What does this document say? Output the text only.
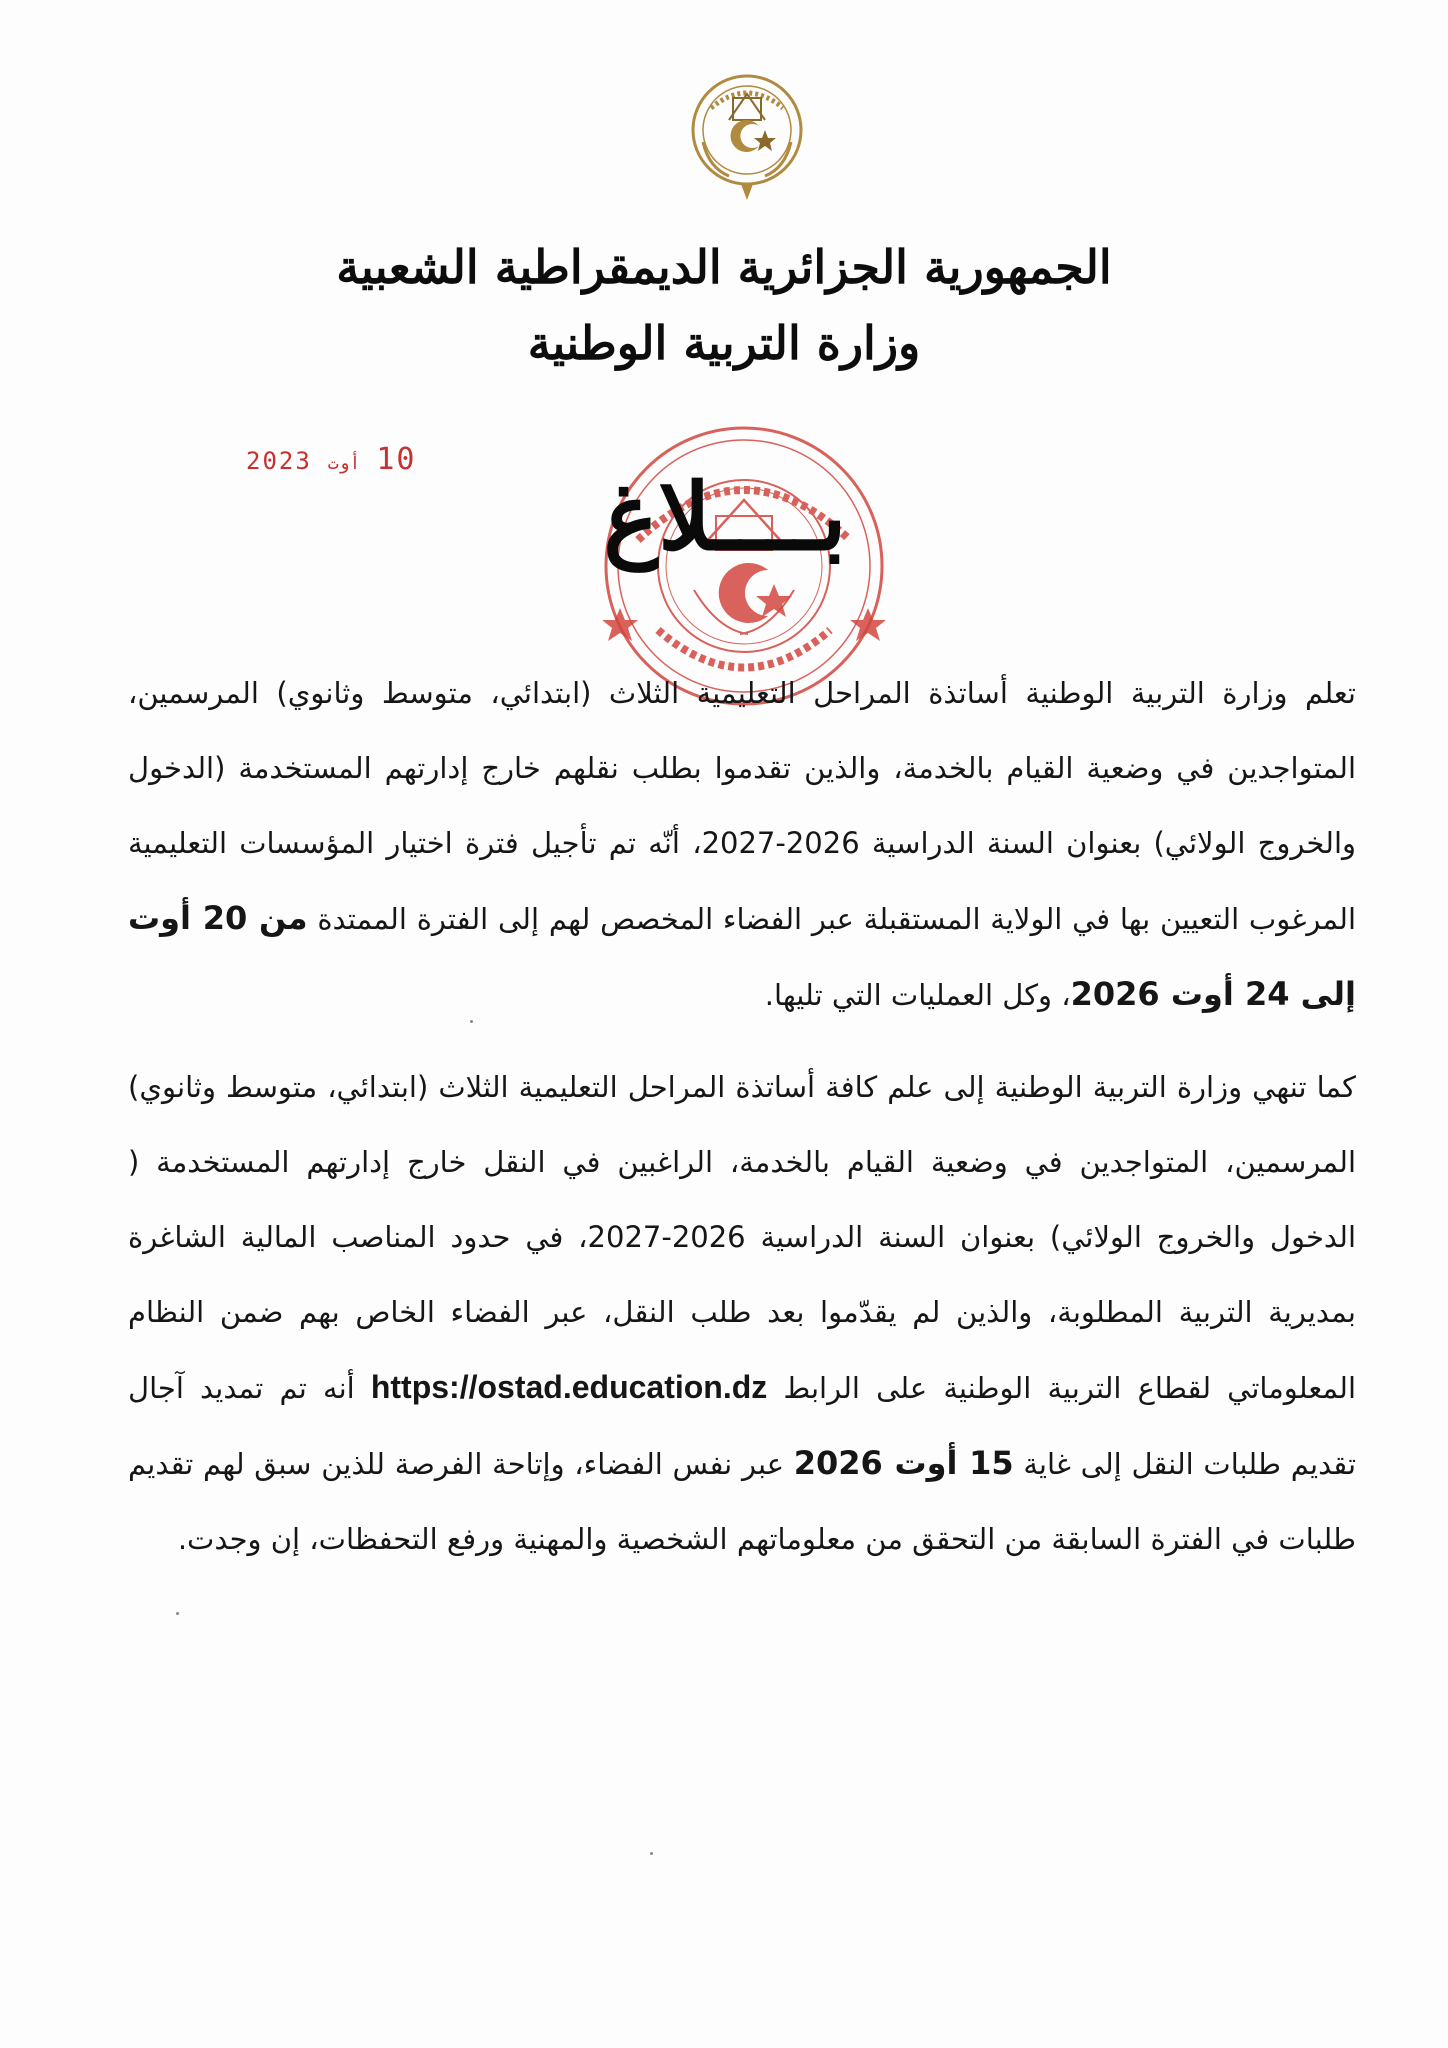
الجمهورية الجزائرية الديمقراطية الشعبية
وزارة التربية الوطنية
2023 أوت 10
بــــلاغ
تعلم وزارة التربية الوطنية أساتذة المراحل التعليمية الثلاث (ابتدائي، متوسط وثانوي) المرسمين، المتواجدين في وضعية القيام بالخدمة، والذين تقدموا بطلب نقلهم خارج إدارتهم المستخدمة (الدخول والخروج الولائي) بعنوان السنة الدراسية 2026-2027، أنّه تم تأجيل فترة اختيار المؤسسات التعليمية المرغوب التعيين بها في الولاية المستقبلة عبر الفضاء المخصص لهم إلى الفترة الممتدة من 20 أوت إلى 24 أوت 2026، وكل العمليات التي تليها.
كما تنهي وزارة التربية الوطنية إلى علم كافة أساتذة المراحل التعليمية الثلاث (ابتدائي، متوسط وثانوي) المرسمين، المتواجدين في وضعية القيام بالخدمة، الراغبين في النقل خارج إدارتهم المستخدمة ( الدخول والخروج الولائي) بعنوان السنة الدراسية 2026-2027، في حدود المناصب المالية الشاغرة بمديرية التربية المطلوبة، والذين لم يقدّموا بعد طلب النقل، عبر الفضاء الخاص بهم ضمن النظام المعلوماتي لقطاع التربية الوطنية على الرابط https://ostad.education.dz أنه تم تمديد آجال تقديم طلبات النقل إلى غاية 15 أوت 2026 عبر نفس الفضاء، وإتاحة الفرصة للذين سبق لهم تقديم طلبات في الفترة السابقة من التحقق من معلوماتهم الشخصية والمهنية ورفع التحفظات، إن وجدت.
